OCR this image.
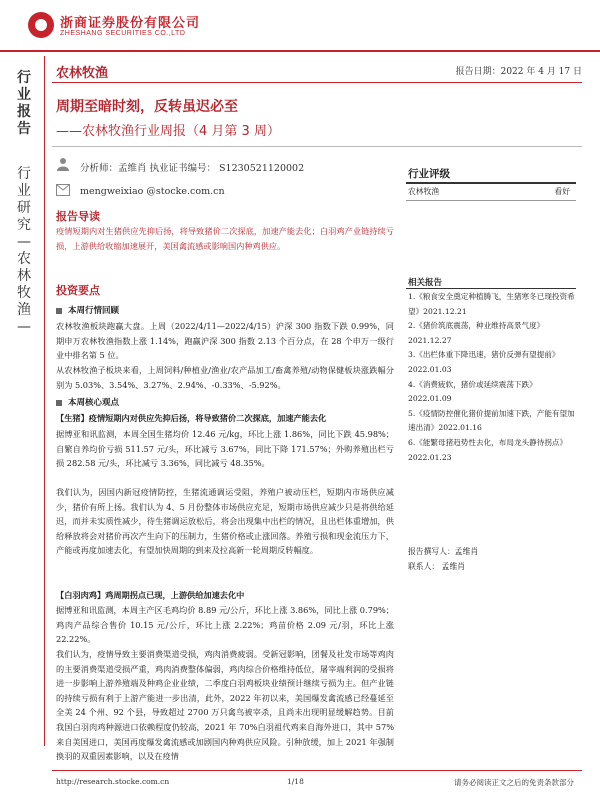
浙商证券股份有限公司
ZHESHANG SECURITIES CO.,LTD
行业报告
行业研究—农林牧渔—
农林牧渔	报告日期：2022 年 4 月 17 日
周期至暗时刻，反转虽迟必至
——农林牧渔行业周报（4 月第 3 周）
分析师：孟维肖 执业证书编号： S1230521120002
mengweixiao @stocke.com.cn
报告导读
疫情短期内对生猪供应先抑后扬，将导致猪价二次探底，加速产能去化；白羽鸡产业链持续亏损，上游供给收缩加速展开，美国禽流感或影响国内种鸡供应。
投资要点
本周行情回顾
农林牧渔板块跑赢大盘。上周（2022/4/11—2022/4/15）沪深 300 指数下跌 0.99%，同期申万农林牧渔指数上涨 1.14%，跑赢沪深 300 指数 2.13 个百分点，在 28 个申万一级行业中排名第 5 位。
从农林牧渔子板块来看，上周饲料/种植业/渔业/农产品加工/畜禽养殖/动物保健板块涨跌幅分别为 5.03%、3.54%、3.27%、2.94%、-0.33%、-5.92%。
本周核心观点
【生猪】疫情短期内对供应先抑后扬，将导致猪价二次探底，加速产能去化
据博亚和讯监测，本周全国生猪均价 12.46 元/kg，环比上涨 1.86%，同比下跌 45.98%；自繁自养均价亏损 511.57 元/头，环比减亏 3.67%，同比下降 171.57%；外购养殖出栏亏损 282.58 元/头，环比减亏 3.36%，同比减亏 48.35%。
我们认为，因国内新冠疫情防控，生猪流通调运受阻，养殖户被动压栏，短期内市场供应减少，猪价有所上扬。我们认为 4、5 月份整体市场供应充足，短期市场供应减少只是将供给延迟，而并未实质性减少，待生猪调运放松后，将会出现集中出栏的情况，且出栏体重增加，供给释放将会对猪价再次产生向下的压制力，生猪价格或止涨回落。养殖亏损和现金流压力下，产能或再度加速去化，有望加快周期的到来及拉高新一轮周期反转幅度。
【白羽肉鸡】鸡周期拐点已现，上游供给加速去化中
据博亚和讯监测，本周主产区毛鸡均价 8.89 元/公斤，环比上涨 3.86%，同比上涨 0.79%；鸡肉产品综合售价 10.15 元/公斤，环比上涨 2.22%；鸡苗价格 2.09 元/羽，环比上涨 22.22%。
我们认为，疫情导致主要消费渠道受损，鸡肉消费疲弱。受新冠影响，团餐及社发市场等鸡肉的主要消费渠道受损严重，鸡肉消费整体偏弱，鸡肉综合价格维持低位，屠宰端利润的受损将进一步影响上游养殖端及种鸡企业业绩，二季度白羽鸡板块业绩预计继续亏损为主。但产业链的持续亏损有利于上游产能进一步出清，此外，2022 年初以来，美国爆发禽流感已经蔓延至全美 24 个州、92 个县，导致超过 2700 万只禽鸟被宰杀，且尚未出现明显缓解趋势。目前我国白羽肉鸡种源进口依赖程度仍较高，2021 年 70%白羽祖代鸡来自海外进口，其中 57%来自美国进口，美国再度爆发禽流感或加剧国内种鸡供应风险。引种放缓，加上 2021 年强制换羽的双重因素影响，以及在疫情
行业评级
农林牧渔	看好
相关报告
1.《粮食安全奠定种植腾飞，生猪寒冬已现投资希望》2021.12.21
2.《猪价筑底震荡，种业维持高景气度》2021.12.27
3.《出栏体重下降迅速，猪价反弹有望提前》2022.01.03
4.《消费疲软，猪价或延续震荡下跌》2022.01.09
5.《疫情防控催化猪价提前加速下跌，产能有望加速出清》2022.01.16
6.《能繁母猪趋势性去化，布局龙头静待拐点》2022.01.23
报告撰写人：孟维肖
联系人： 孟维肖
http://research.stocke.com.cn	1/18	请务必阅读正文之后的免责条款部分
